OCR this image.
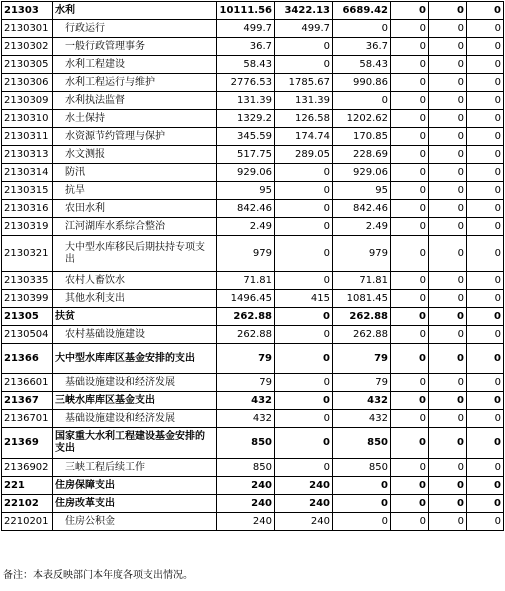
21303	水利	10111.56	3422.13	6689.42	0	0	0
2130301	行政运行	499.7	499.7	0	0	0	0
2130302	一般行政管理事务	36.7	0	36.7	0	0	0
2130305	水利工程建设	58.43	0	58.43	0	0	0
2130306	水利工程运行与维护	2776.53	1785.67	990.86	0	0	0
2130309	水利执法监督	131.39	131.39	0	0	0	0
2130310	水土保持	1329.2	126.58	1202.62	0	0	0
2130311	水资源节约管理与保护	345.59	174.74	170.85	0	0	0
2130313	水文测报	517.75	289.05	228.69	0	0	0
2130314	防汛	929.06	0	929.06	0	0	0
2130315	抗旱	95	0	95	0	0	0
2130316	农田水利	842.46	0	842.46	0	0	0
2130319	江河湖库水系综合整治	2.49	0	2.49	0	0	0
2130321	大中型水库移民后期扶持专项支出	979	0	979	0	0	0
2130335	农村人畜饮水	71.81	0	71.81	0	0	0
2130399	其他水利支出	1496.45	415	1081.45	0	0	0
21305	扶贫	262.88	0	262.88	0	0	0
2130504	农村基础设施建设	262.88	0	262.88	0	0	0
21366	大中型水库库区基金安排的支出	79	0	79	0	0	0
2136601	基础设施建设和经济发展	79	0	79	0	0	0
21367	三峡水库库区基金支出	432	0	432	0	0	0
2136701	基础设施建设和经济发展	432	0	432	0	0	0
21369	国家重大水利工程建设基金安排的支出	850	0	850	0	0	0
2136902	三峡工程后续工作	850	0	850	0	0	0
221	住房保障支出	240	240	0	0	0	0
22102	住房改革支出	240	240	0	0	0	0
2210201	住房公积金	240	240	0	0	0	0
备注：本表反映部门本年度各项支出情况。
